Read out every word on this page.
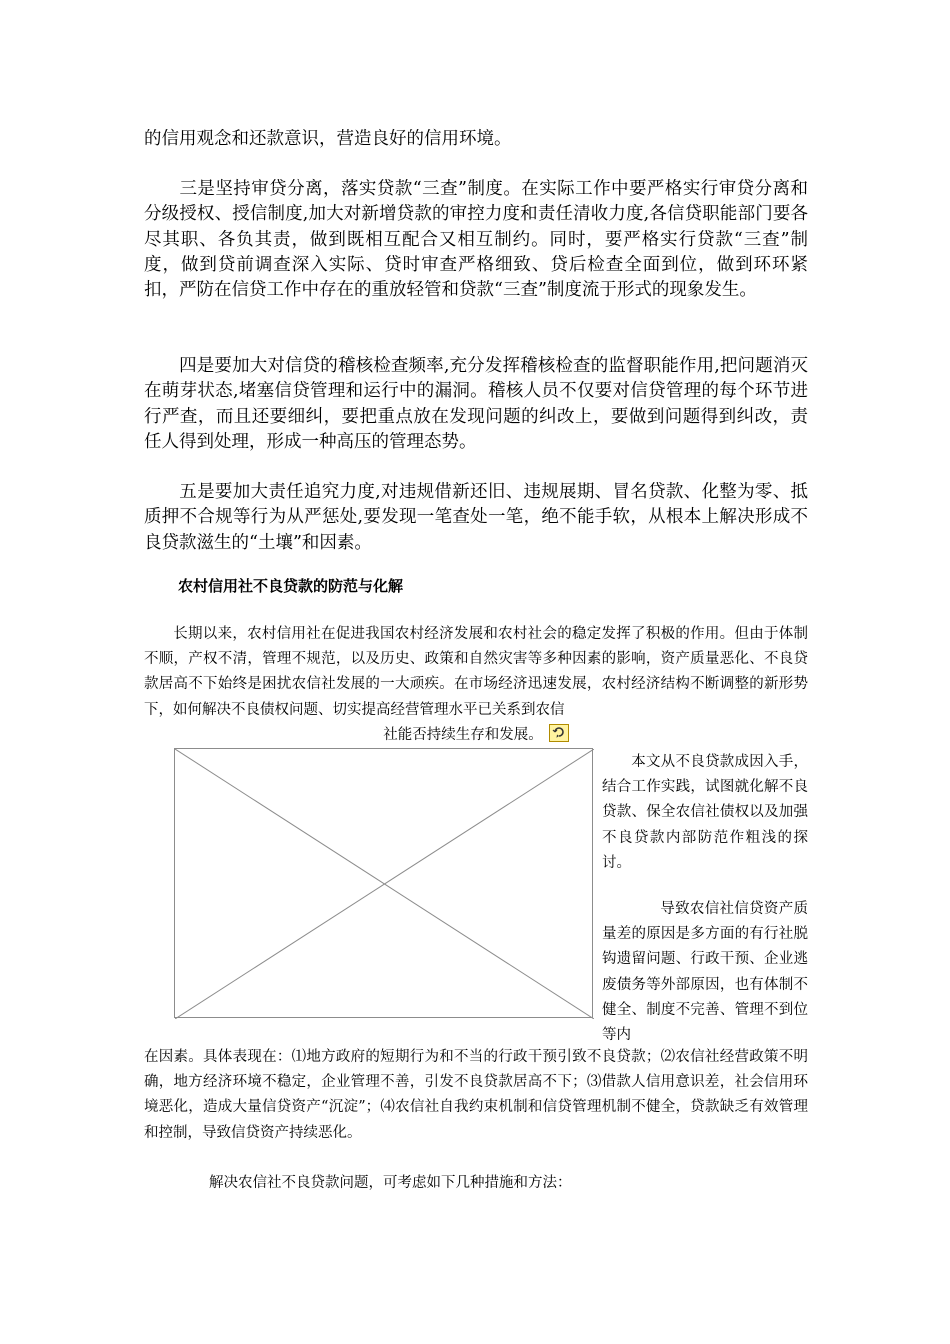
的信用观念和还款意识，营造良好的信用环境。

三是坚持审贷分离，落实贷款“三查”制度。在实际工作中要严格实行审贷分离和分级授权、授信制度,加大对新增贷款的审控力度和责任清收力度,各信贷职能部门要各尽其职、各负其责，做到既相互配合又相互制约。同时，要严格实行贷款“三查”制度，做到贷前调查深入实际、贷时审查严格细致、贷后检查全面到位，做到环环紧扣，严防在信贷工作中存在的重放轻管和贷款“三查”制度流于形式的现象发生。

四是要加大对信贷的稽核检查频率,充分发挥稽核检查的监督职能作用,把问题消灭在萌芽状态,堵塞信贷管理和运行中的漏洞。稽核人员不仅要对信贷管理的每个环节进行严查，而且还要细纠，要把重点放在发现问题的纠改上，要做到问题得到纠改，责任人得到处理，形成一种高压的管理态势。

五是要加大责任追究力度,对违规借新还旧、违规展期、冒名贷款、化整为零、抵质押不合规等行为从严惩处,要发现一笔查处一笔，绝不能手软，从根本上解决形成不良贷款滋生的“土壤”和因素。

农村信用社不良贷款的防范与化解

长期以来，农村信用社在促进我国农村经济发展和农村社会的稳定发挥了积极的作用。但由于体制不顺，产权不清，管理不规范，以及历史、政策和自然灾害等多种因素的影响，资产质量恶化、不良贷款居高不下始终是困扰农信社发展的一大顽疾。在市场经济迅速发展，农村经济结构不断调整的新形势下，如何解决不良债权问题、切实提高经营管理水平已关系到农信

社能否持续生存和发展。

本文从不良贷款成因入手，结合工作实践，试图就化解不良贷款、保全农信社债权以及加强不良贷款内部防范作粗浅的探讨。

导致农信社信贷资产质量差的原因是多方面的有行社脱钩遗留问题、行政干预、企业逃废债务等外部原因，也有体制不健全、制度不完善、管理不到位等内

在因素。具体表现在：⑴地方政府的短期行为和不当的行政干预引致不良贷款；⑵农信社经营政策不明确，地方经济环境不稳定，企业管理不善，引发不良贷款居高不下；⑶借款人信用意识差，社会信用环境恶化，造成大量信贷资产“沉淀”；⑷农信社自我约束机制和信贷管理机制不健全，贷款缺乏有效管理和控制，导致信贷资产持续恶化。

解决农信社不良贷款问题，可考虑如下几种措施和方法：
